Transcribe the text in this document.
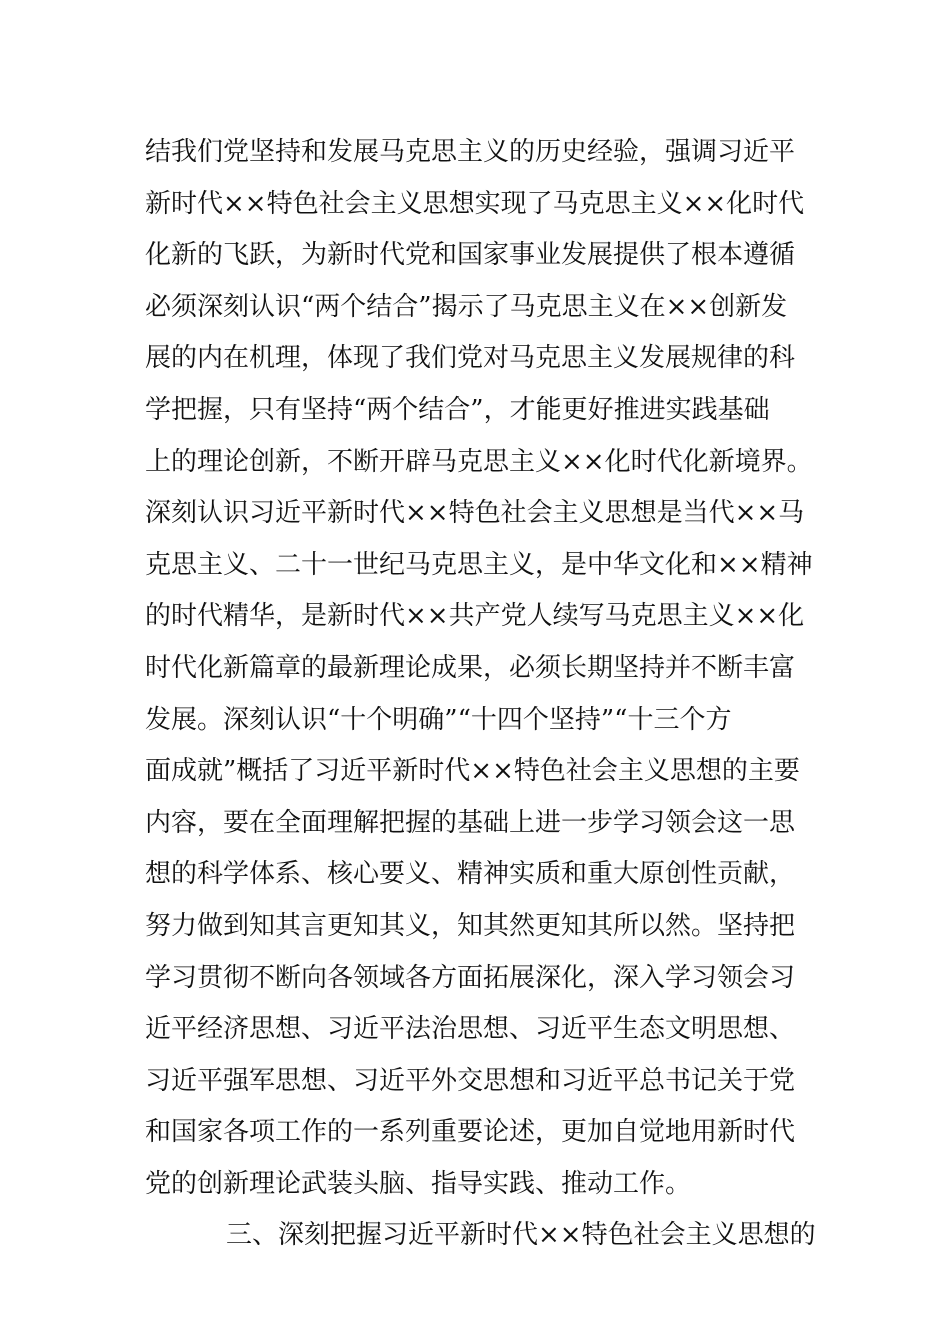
结我们党坚持和发展马克思主义的历史经验，强调习近平
新时代××特色社会主义思想实现了马克思主义××化时代
化新的飞跃，为新时代党和国家事业发展提供了根本遵循
必须深刻认识“两个结合”揭示了马克思主义在××创新发
展的内在机理，体现了我们党对马克思主义发展规律的科
学把握，只有坚持“两个结合”，才能更好推进实践基础
上的理论创新，不断开辟马克思主义××化时代化新境界。
深刻认识习近平新时代××特色社会主义思想是当代××马
克思主义、二十一世纪马克思主义，是中华文化和××精神
的时代精华，是新时代××共产党人续写马克思主义××化
时代化新篇章的最新理论成果，必须长期坚持并不断丰富
发展。深刻认识“十个明确”“十四个坚持”“十三个方
面成就”概括了习近平新时代××特色社会主义思想的主要
内容，要在全面理解把握的基础上进一步学习领会这一思
想的科学体系、核心要义、精神实质和重大原创性贡献，
努力做到知其言更知其义，知其然更知其所以然。坚持把
学习贯彻不断向各领域各方面拓展深化，深入学习领会习
近平经济思想、习近平法治思想、习近平生态文明思想、
习近平强军思想、习近平外交思想和习近平总书记关于党
和国家各项工作的一系列重要论述，更加自觉地用新时代
党的创新理论武装头脑、指导实践、推动工作。
三、深刻把握习近平新时代××特色社会主义思想的
